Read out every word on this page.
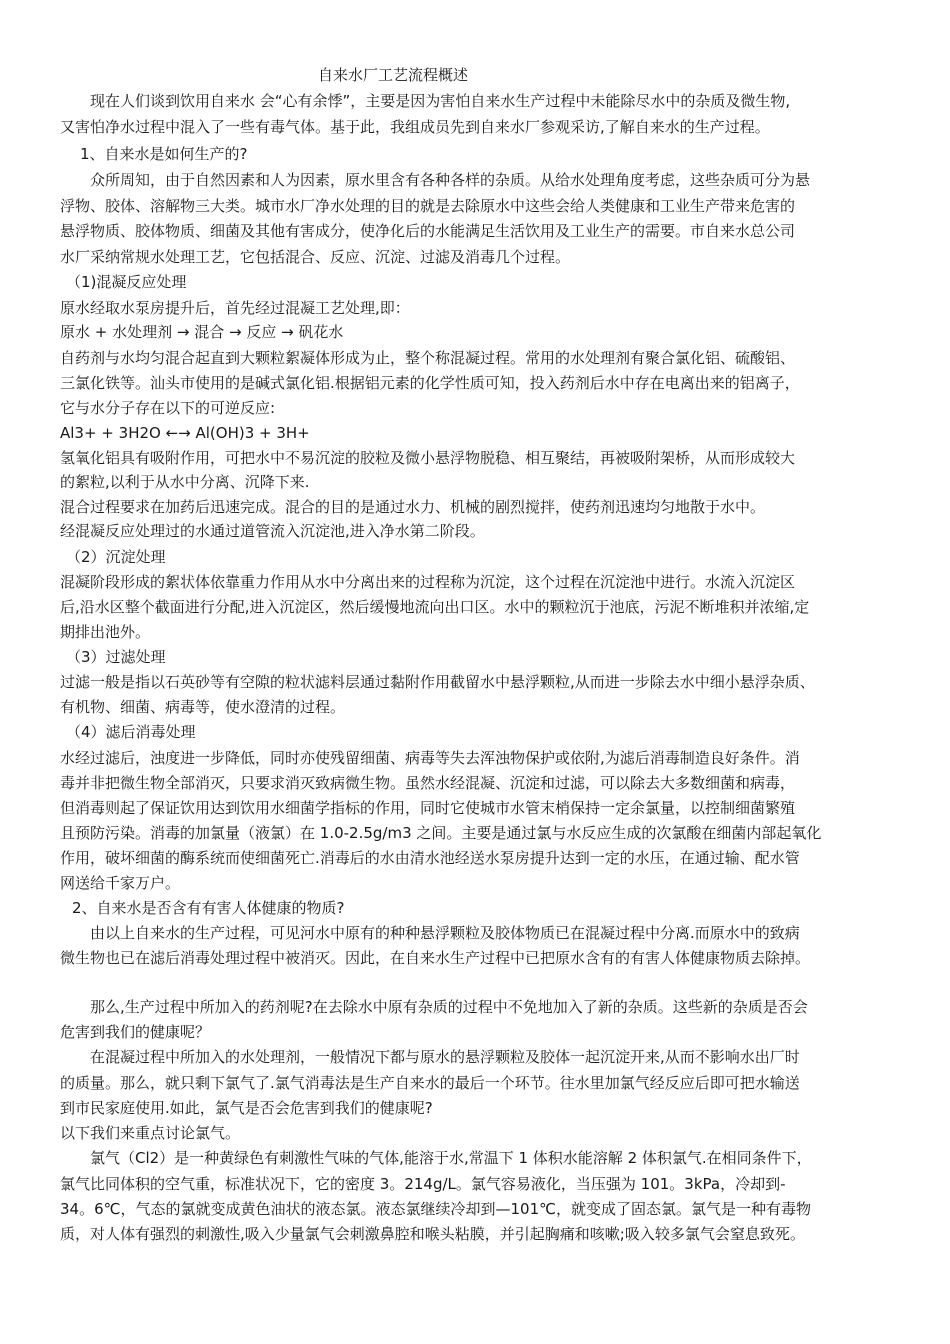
自来水厂工艺流程概述
现在人们谈到饮用自来水 会“心有余悸”，主要是因为害怕自来水生产过程中未能除尽水中的杂质及微生物,
又害怕净水过程中混入了一些有毒气体。基于此，我组成员先到自来水厂参观采访,了解自来水的生产过程。
1、自来水是如何生产的?
众所周知，由于自然因素和人为因素，原水里含有各种各样的杂质。从给水处理角度考虑，这些杂质可分为悬
浮物、胶体、溶解物三大类。城市水厂净水处理的目的就是去除原水中这些会给人类健康和工业生产带来危害的
悬浮物质、胶体物质、细菌及其他有害成分，使净化后的水能满足生活饮用及工业生产的需要。市自来水总公司
水厂采纳常规水处理工艺，它包括混合、反应、沉淀、过滤及消毒几个过程。
（1)混凝反应处理
原水经取水泵房提升后，首先经过混凝工艺处理,即：
原水 + 水处理剂 → 混合 → 反应 → 矾花水
自药剂与水均匀混合起直到大颗粒絮凝体形成为止，整个称混凝过程。常用的水处理剂有聚合氯化铝、硫酸铝、
三氯化铁等。汕头市使用的是碱式氯化铝.根据铝元素的化学性质可知，投入药剂后水中存在电离出来的铝离子，
它与水分子存在以下的可逆反应:
Al3+ + 3H2O ←→ Al(OH)3 + 3H+
氢氧化铝具有吸附作用，可把水中不易沉淀的胶粒及微小悬浮物脱稳、相互聚结，再被吸附架桥，从而形成较大
的絮粒,以利于从水中分离、沉降下来.
混合过程要求在加药后迅速完成。混合的目的是通过水力、机械的剧烈搅拌，使药剂迅速均匀地散于水中。
经混凝反应处理过的水通过道管流入沉淀池,进入净水第二阶段。
（2）沉淀处理
混凝阶段形成的絮状体依靠重力作用从水中分离出来的过程称为沉淀，这个过程在沉淀池中进行。水流入沉淀区
后,沿水区整个截面进行分配,进入沉淀区，然后缓慢地流向出口区。水中的颗粒沉于池底，污泥不断堆积并浓缩,定
期排出池外。
（3）过滤处理
过滤一般是指以石英砂等有空隙的粒状滤料层通过黏附作用截留水中悬浮颗粒,从而进一步除去水中细小悬浮杂质、
有机物、细菌、病毒等，使水澄清的过程。
（4）滤后消毒处理
水经过滤后，浊度进一步降低，同时亦使残留细菌、病毒等失去浑浊物保护或依附,为滤后消毒制造良好条件。消
毒并非把微生物全部消灭，只要求消灭致病微生物。虽然水经混凝、沉淀和过滤，可以除去大多数细菌和病毒，
但消毒则起了保证饮用达到饮用水细菌学指标的作用，同时它使城市水管末梢保持一定余氯量，以控制细菌繁殖
且预防污染。消毒的加氯量（液氯）在 1.0-2.5g/m3 之间。主要是通过氯与水反应生成的次氯酸在细菌内部起氧化
作用，破坏细菌的酶系统而使细菌死亡.消毒后的水由清水池经送水泵房提升达到一定的水压，在通过输、配水管
网送给千家万户。
2、自来水是否含有有害人体健康的物质?
由以上自来水的生产过程，可见河水中原有的种种悬浮颗粒及胶体物质已在混凝过程中分离.而原水中的致病
微生物也已在滤后消毒处理过程中被消灭。因此，在自来水生产过程中已把原水含有的有害人体健康物质去除掉。
那么,生产过程中所加入的药剂呢?在去除水中原有杂质的过程中不免地加入了新的杂质。这些新的杂质是否会
危害到我们的健康呢？
在混凝过程中所加入的水处理剂，一般情况下都与原水的悬浮颗粒及胶体一起沉淀开来,从而不影响水出厂时
的质量。那么，就只剩下氯气了.氯气消毒法是生产自来水的最后一个环节。往水里加氯气经反应后即可把水输送
到市民家庭使用.如此，氯气是否会危害到我们的健康呢?
以下我们来重点讨论氯气。
氯气（Cl2）是一种黄绿色有刺激性气味的气体,能溶于水,常温下 1 体积水能溶解 2 体积氯气.在相同条件下，
氯气比同体积的空气重，标准状况下，它的密度 3。214g/L。氯气容易液化，当压强为 101。3kPa，冷却到-
34。6℃，气态的氯就变成黄色油状的液态氯。液态氯继续冷却到—101℃，就变成了固态氯。氯气是一种有毒物
质，对人体有强烈的刺激性,吸入少量氯气会刺激鼻腔和喉头粘膜，并引起胸痛和咳嗽;吸入较多氯气会窒息致死。
